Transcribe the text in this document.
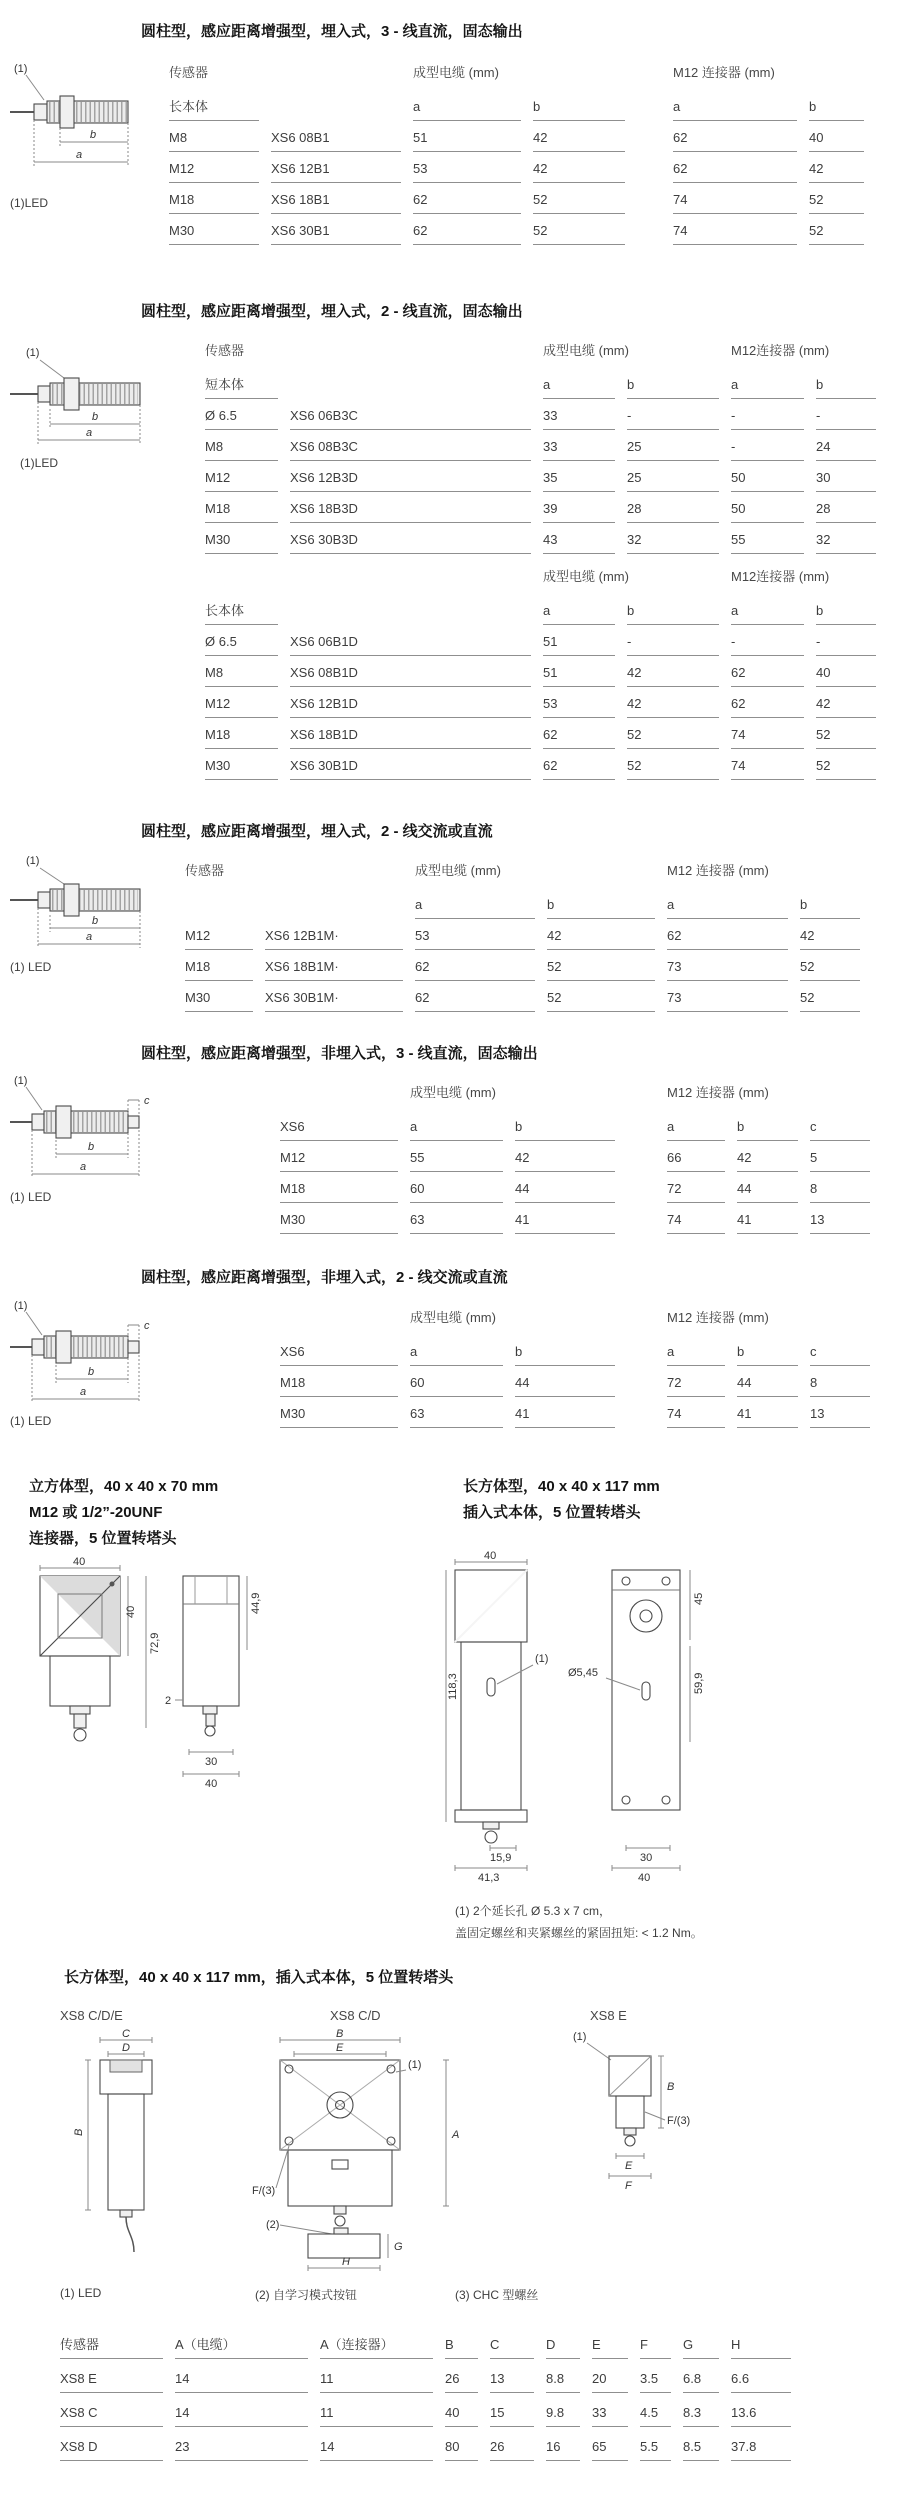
圆柱型，感应距离增强型，埋入式，3 - 线直流，固态输出
(1)
b
a
(1)LED
传感器	成型电缆 (mm)	M12 连接器 (mm)
长本体	a	b	a	b
M8	XS6 08B1	51	42	62	40
M12	XS6 12B1	53	42	62	42
M18	XS6 18B1	62	52	74	52
M30	XS6 30B1	62	52	74	52
圆柱型，感应距离增强型，埋入式，2 - 线直流，固态输出
(1)
b
a
(1)LED
传感器	成型电缆 (mm)	M12连接器 (mm)
短本体	a	b	a	b
Ø 6.5	XS6 06B3C	33	-	-	-
M8	XS6 08B3C	33	25	-	24
M12	XS6 12B3D	35	25	50	30
M18	XS6 18B3D	39	28	50	28
M30	XS6 30B3D	43	32	55	32
成型电缆 (mm)	M12连接器 (mm)
长本体	a	b	a	b
Ø 6.5	XS6 06B1D	51	-	-	-
M8	XS6 08B1D	51	42	62	40
M12	XS6 12B1D	53	42	62	42
M18	XS6 18B1D	62	52	74	52
M30	XS6 30B1D	62	52	74	52
圆柱型，感应距离增强型，埋入式，2 - 线交流或直流
(1)
b
a
(1) LED
传感器	成型电缆 (mm)	M12 连接器 (mm)
a	b	a	b
M12	XS6 12B1M·	53	42	62	42
M18	XS6 18B1M·	62	52	73	52
M30	XS6 30B1M·	62	52	73	52
圆柱型，感应距离增强型，非埋入式，3 - 线直流，固态输出
(1)
c
b
a
(1) LED
成型电缆 (mm)	M12 连接器 (mm)
XS6	a	b	a	b	c
M12	55	42	66	42	5
M18	60	44	72	44	8
M30	63	41	74	41	13
圆柱型，感应距离增强型，非埋入式，2 - 线交流或直流
(1)
c
b
a
(1) LED
成型电缆 (mm)	M12 连接器 (mm)
XS6	a	b	a	b	c
M18	60	44	72	44	8
M30	63	41	74	41	13
立方体型，40 x 40 x 70 mm
M12 或 1/2”-20UNF
连接器，5 位置转塔头
长方体型，40 x 40 x 117 mm
插入式本体，5 位置转塔头
40
40
72,9
44,9
2
30
40
40
(1)
118,3
15,9
41,3
Ø5,45
45
59,9
30
40
(1) 2个延长孔 Ø 5.3 x 7 cm，
盖固定螺丝和夹紧螺丝的紧固扭矩: < 1.2 Nm。
长方体型，40 x 40 x 117 mm，插入式本体，5 位置转塔头
XS8 C/D/E	XS8 C/D	XS8 E
C
D
B
B
E
(1)
F/(3)
A
(2)
G
H
(1)
B
F/(3)
E
F
(1) LED	(2) 自学习模式按钮	(3) CHC 型螺丝
传感器	A（电缆）	A（连接器）	B	C	D	E	F	G	H
XS8 E	14	11	26	13	8.8	20	3.5	6.8	6.6
XS8 C	14	11	40	15	9.8	33	4.5	8.3	13.6
XS8 D	23	14	80	26	16	65	5.5	8.5	37.8
